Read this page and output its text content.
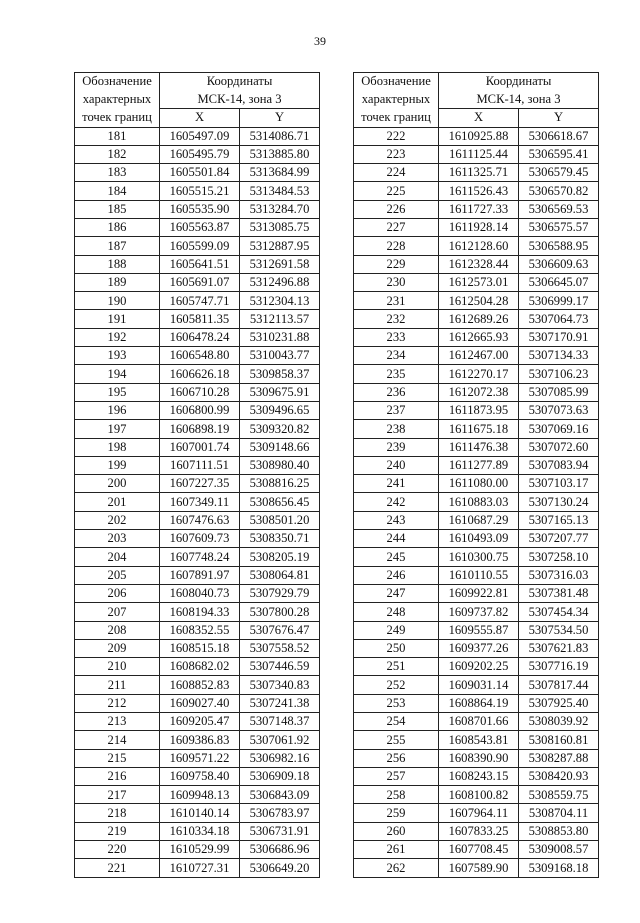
39
Обозначение	Координаты	
характерных	МСК-14, зона 3	
точек границ	X	Y
181	1605497.09	5314086.71
182	1605495.79	5313885.80
183	1605501.84	5313684.99
184	1605515.21	5313484.53
185	1605535.90	5313284.70
186	1605563.87	5313085.75
187	1605599.09	5312887.95
188	1605641.51	5312691.58
189	1605691.07	5312496.88
190	1605747.71	5312304.13
191	1605811.35	5312113.57
192	1606478.24	5310231.88
193	1606548.80	5310043.77
194	1606626.18	5309858.37
195	1606710.28	5309675.91
196	1606800.99	5309496.65
197	1606898.19	5309320.82
198	1607001.74	5309148.66
199	1607111.51	5308980.40
200	1607227.35	5308816.25
201	1607349.11	5308656.45
202	1607476.63	5308501.20
203	1607609.73	5308350.71
204	1607748.24	5308205.19
205	1607891.97	5308064.81
206	1608040.73	5307929.79
207	1608194.33	5307800.28
208	1608352.55	5307676.47
209	1608515.18	5307558.52
210	1608682.02	5307446.59
211	1608852.83	5307340.83
212	1609027.40	5307241.38
213	1609205.47	5307148.37
214	1609386.83	5307061.92
215	1609571.22	5306982.16
216	1609758.40	5306909.18
217	1609948.13	5306843.09
218	1610140.14	5306783.97
219	1610334.18	5306731.91
220	1610529.99	5306686.96
221	1610727.31	5306649.20
Обозначение	Координаты	
характерных	МСК-14, зона 3	
точек границ	X	Y
222	1610925.88	5306618.67
223	1611125.44	5306595.41
224	1611325.71	5306579.45
225	1611526.43	5306570.82
226	1611727.33	5306569.53
227	1611928.14	5306575.57
228	1612128.60	5306588.95
229	1612328.44	5306609.63
230	1612573.01	5306645.07
231	1612504.28	5306999.17
232	1612689.26	5307064.73
233	1612665.93	5307170.91
234	1612467.00	5307134.33
235	1612270.17	5307106.23
236	1612072.38	5307085.99
237	1611873.95	5307073.63
238	1611675.18	5307069.16
239	1611476.38	5307072.60
240	1611277.89	5307083.94
241	1611080.00	5307103.17
242	1610883.03	5307130.24
243	1610687.29	5307165.13
244	1610493.09	5307207.77
245	1610300.75	5307258.10
246	1610110.55	5307316.03
247	1609922.81	5307381.48
248	1609737.82	5307454.34
249	1609555.87	5307534.50
250	1609377.26	5307621.83
251	1609202.25	5307716.19
252	1609031.14	5307817.44
253	1608864.19	5307925.40
254	1608701.66	5308039.92
255	1608543.81	5308160.81
256	1608390.90	5308287.88
257	1608243.15	5308420.93
258	1608100.82	5308559.75
259	1607964.11	5308704.11
260	1607833.25	5308853.80
261	1607708.45	5309008.57
262	1607589.90	5309168.18
